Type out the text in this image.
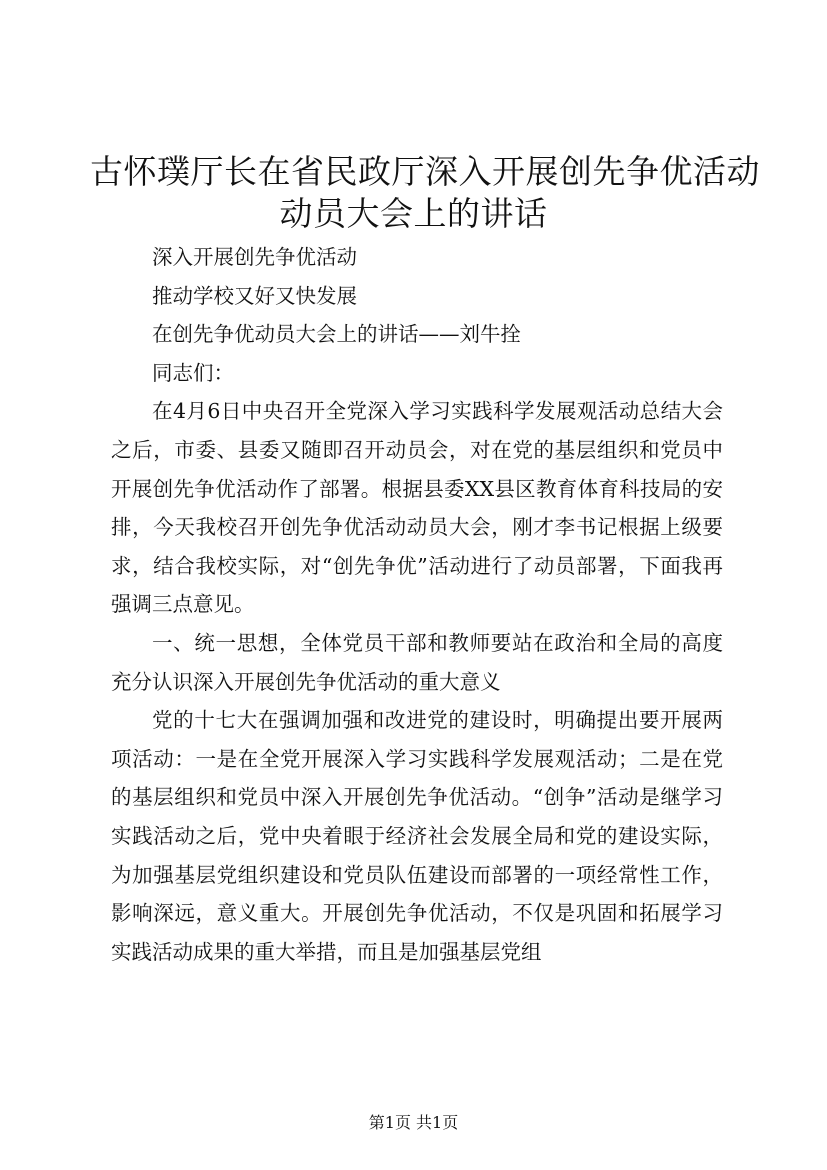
古怀璞厅长在省民政厅深入开展创先争优活动
动员大会上的讲话

深入开展创先争优活动

推动学校又好又快发展

在创先争优动员大会上的讲话——刘牛拴

同志们：

在4月6日中央召开全党深入学习实践科学发展观活动总结大会之后，市委、县委又随即召开动员会，对在党的基层组织和党员中开展创先争优活动作了部署。根据县委XX县区教育体育科技局的安排，今天我校召开创先争优活动动员大会，刚才李书记根据上级要求，结合我校实际，对“创先争优”活动进行了动员部署，下面我再强调三点意见。

一、统一思想，全体党员干部和教师要站在政治和全局的高度充分认识深入开展创先争优活动的重大意义

党的十七大在强调加强和改进党的建设时，明确提出要开展两项活动：一是在全党开展深入学习实践科学发展观活动；二是在党的基层组织和党员中深入开展创先争优活动。“创争”活动是继学习实践活动之后，党中央着眼于经济社会发展全局和党的建设实际，为加强基层党组织建设和党员队伍建设而部署的一项经常性工作，影响深远，意义重大。开展创先争优活动，不仅是巩固和拓展学习实践活动成果的重大举措，而且是加强基层党组

第1页 共1页
